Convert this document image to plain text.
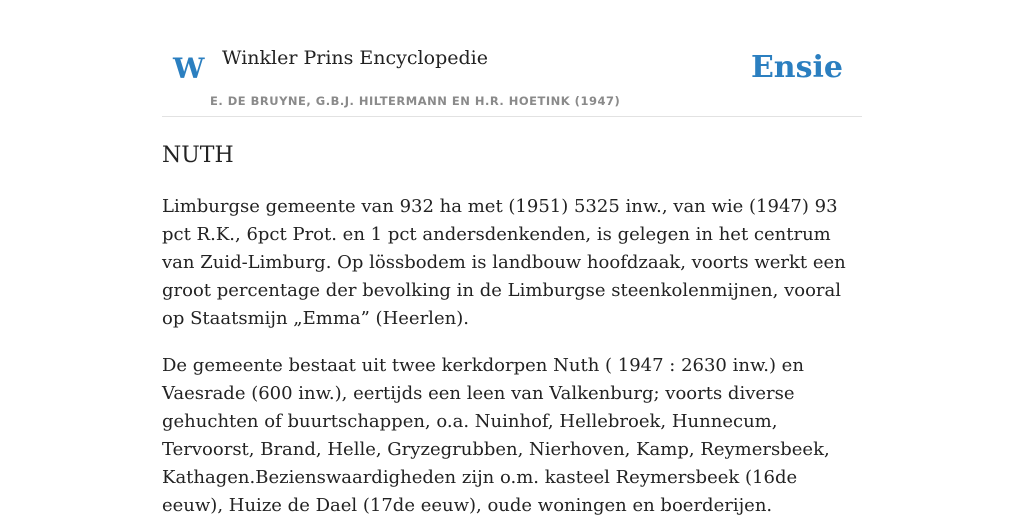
W Winkler Prins Encyclopedie
E. DE BRUYNE, G.B.J. HILTERMANN EN H.R. HOETINK (1947)
Ensie
NUTH

Limburgse gemeente van 932 ha met (1951) 5325 inw., van wie (1947) 93 pct R.K., 6pct Prot. en 1 pct andersdenkenden, is gelegen in het centrum van Zuid-Limburg. Op lössbodem is landbouw hoofdzaak, voorts werkt een groot percentage der bevolking in de Limburgse steenkolenmijnen, vooral op Staatsmijn „Emma” (Heerlen).

De gemeente bestaat uit twee kerkdorpen Nuth ( 1947 : 2630 inw.) en Vaesrade (600 inw.), eertijds een leen van Valkenburg; voorts diverse gehuchten of buurtschappen, o.a. Nuinhof, Hellebroek, Hunnecum, Tervoorst, Brand, Helle, Gryzegrubben, Nierhoven, Kamp, Reymersbeek, Kathagen.Bezienswaardigheden zijn o.m. kasteel Reymersbeek (16de eeuw), Huize de Dael (17de eeuw), oude woningen en boerderijen.
